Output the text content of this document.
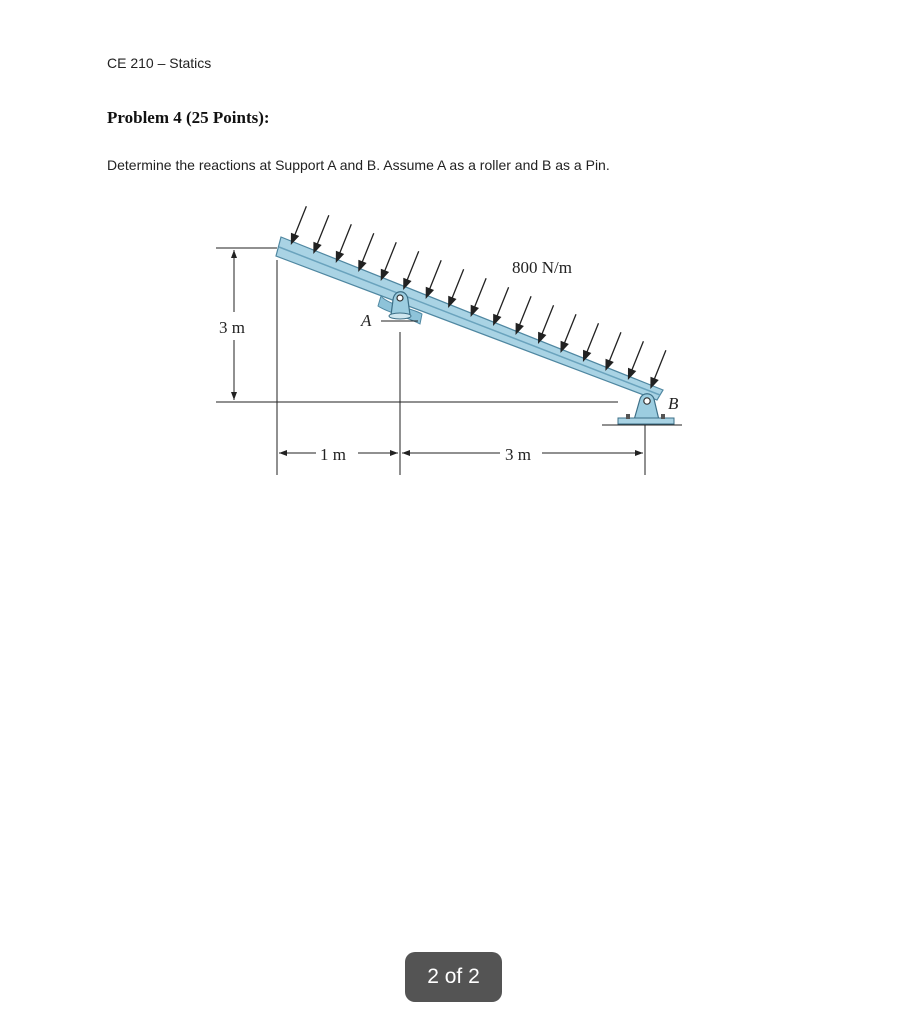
CE 210 – Statics
Problem 4 (25 Points):
Determine the reactions at Support A and B. Assume A as a roller and B as a Pin.
800 N/m
3 m	A
B
1 m	3 m
2 of 2
